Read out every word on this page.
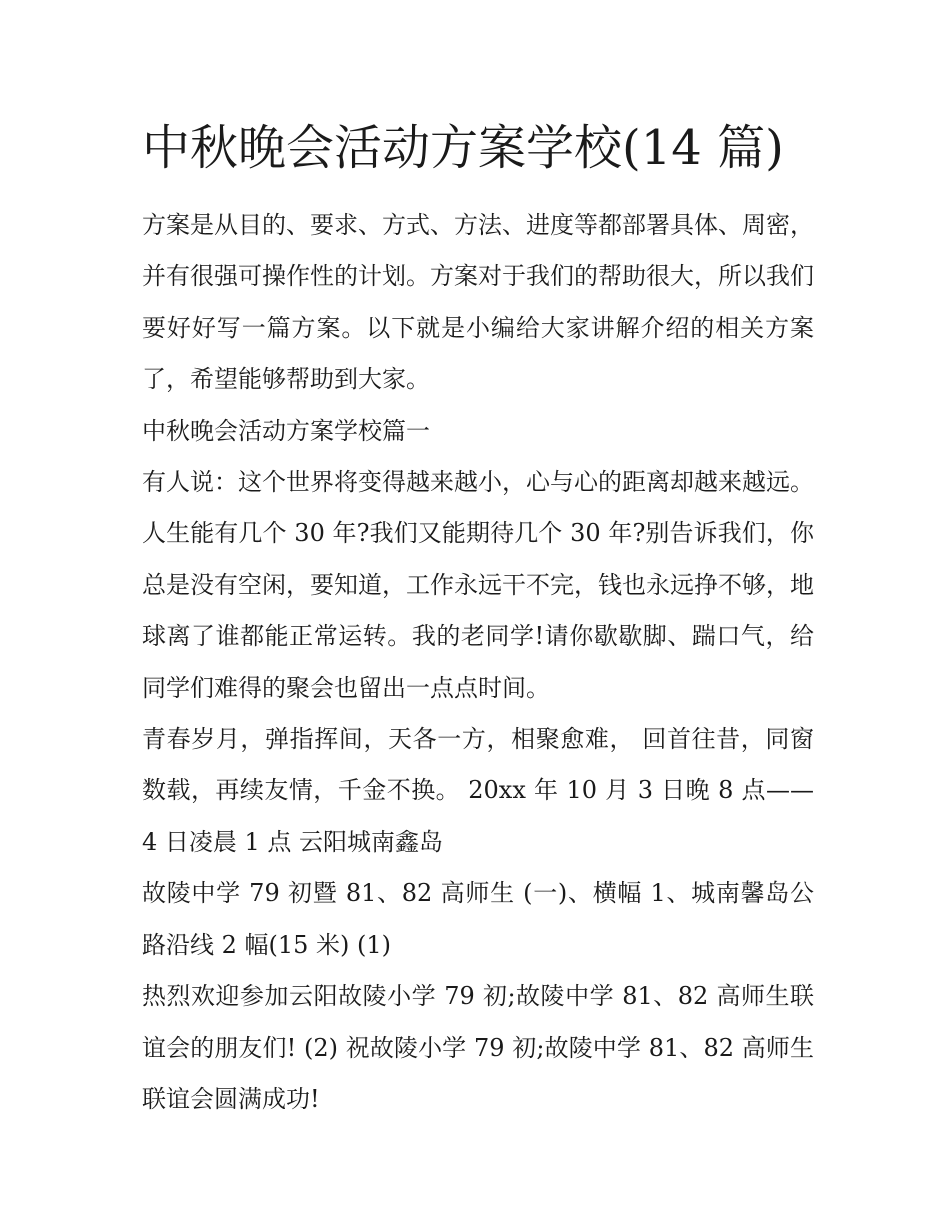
中秋晚会活动方案学校(14 篇)

方案是从目的、要求、方式、方法、进度等都部署具体、周密，并有很强可操作性的计划。方案对于我们的帮助很大，所以我们要好好写一篇方案。以下就是小编给大家讲解介绍的相关方案了，希望能够帮助到大家。

中秋晚会活动方案学校篇一

有人说：这个世界将变得越来越小，心与心的距离却越来越远。人生能有几个 30 年?我们又能期待几个 30 年?别告诉我们，你总是没有空闲，要知道，工作永远干不完，钱也永远挣不够，地球离了谁都能正常运转。我的老同学!请你歇歇脚、踹口气，给同学们难得的聚会也留出一点点时间。

青春岁月，弹指挥间，天各一方，相聚愈难， 回首往昔，同窗数载，再续友情，千金不换。 20xx 年 10 月 3 日晚 8 点——4 日凌晨 1 点 云阳城南鑫岛

故陵中学 79 初暨 81、82 高师生 (一)、横幅 1、城南馨岛公路沿线 2 幅(15 米) (1)

热烈欢迎参加云阳故陵小学 79 初;故陵中学 81、82 高师生联谊会的朋友们! (2) 祝故陵小学 79 初;故陵中学 81、82 高师生联谊会圆满成功!
